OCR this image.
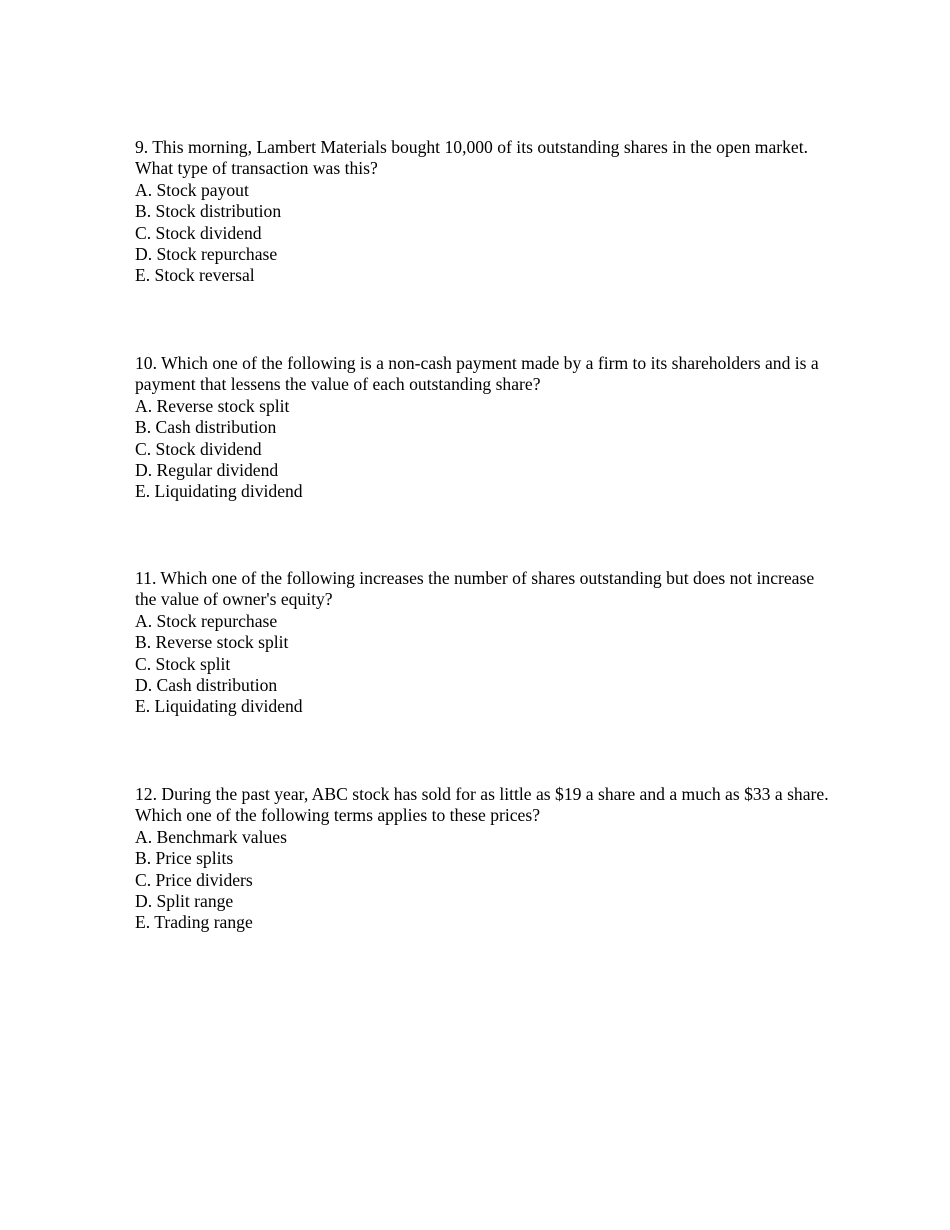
9. This morning, Lambert Materials bought 10,000 of its outstanding shares in the open market. What type of transaction was this?

A. Stock payout
B. Stock distribution
C. Stock dividend
D. Stock repurchase
E. Stock reversal

10. Which one of the following is a non-cash payment made by a firm to its shareholders and is a payment that lessens the value of each outstanding share?

A. Reverse stock split
B. Cash distribution
C. Stock dividend
D. Regular dividend
E. Liquidating dividend

11. Which one of the following increases the number of shares outstanding but does not increase the value of owner's equity?

A. Stock repurchase
B. Reverse stock split
C. Stock split
D. Cash distribution
E. Liquidating dividend

12. During the past year, ABC stock has sold for as little as $19 a share and a much as $33 a share. Which one of the following terms applies to these prices?

A. Benchmark values
B. Price splits
C. Price dividers
D. Split range
E. Trading range
